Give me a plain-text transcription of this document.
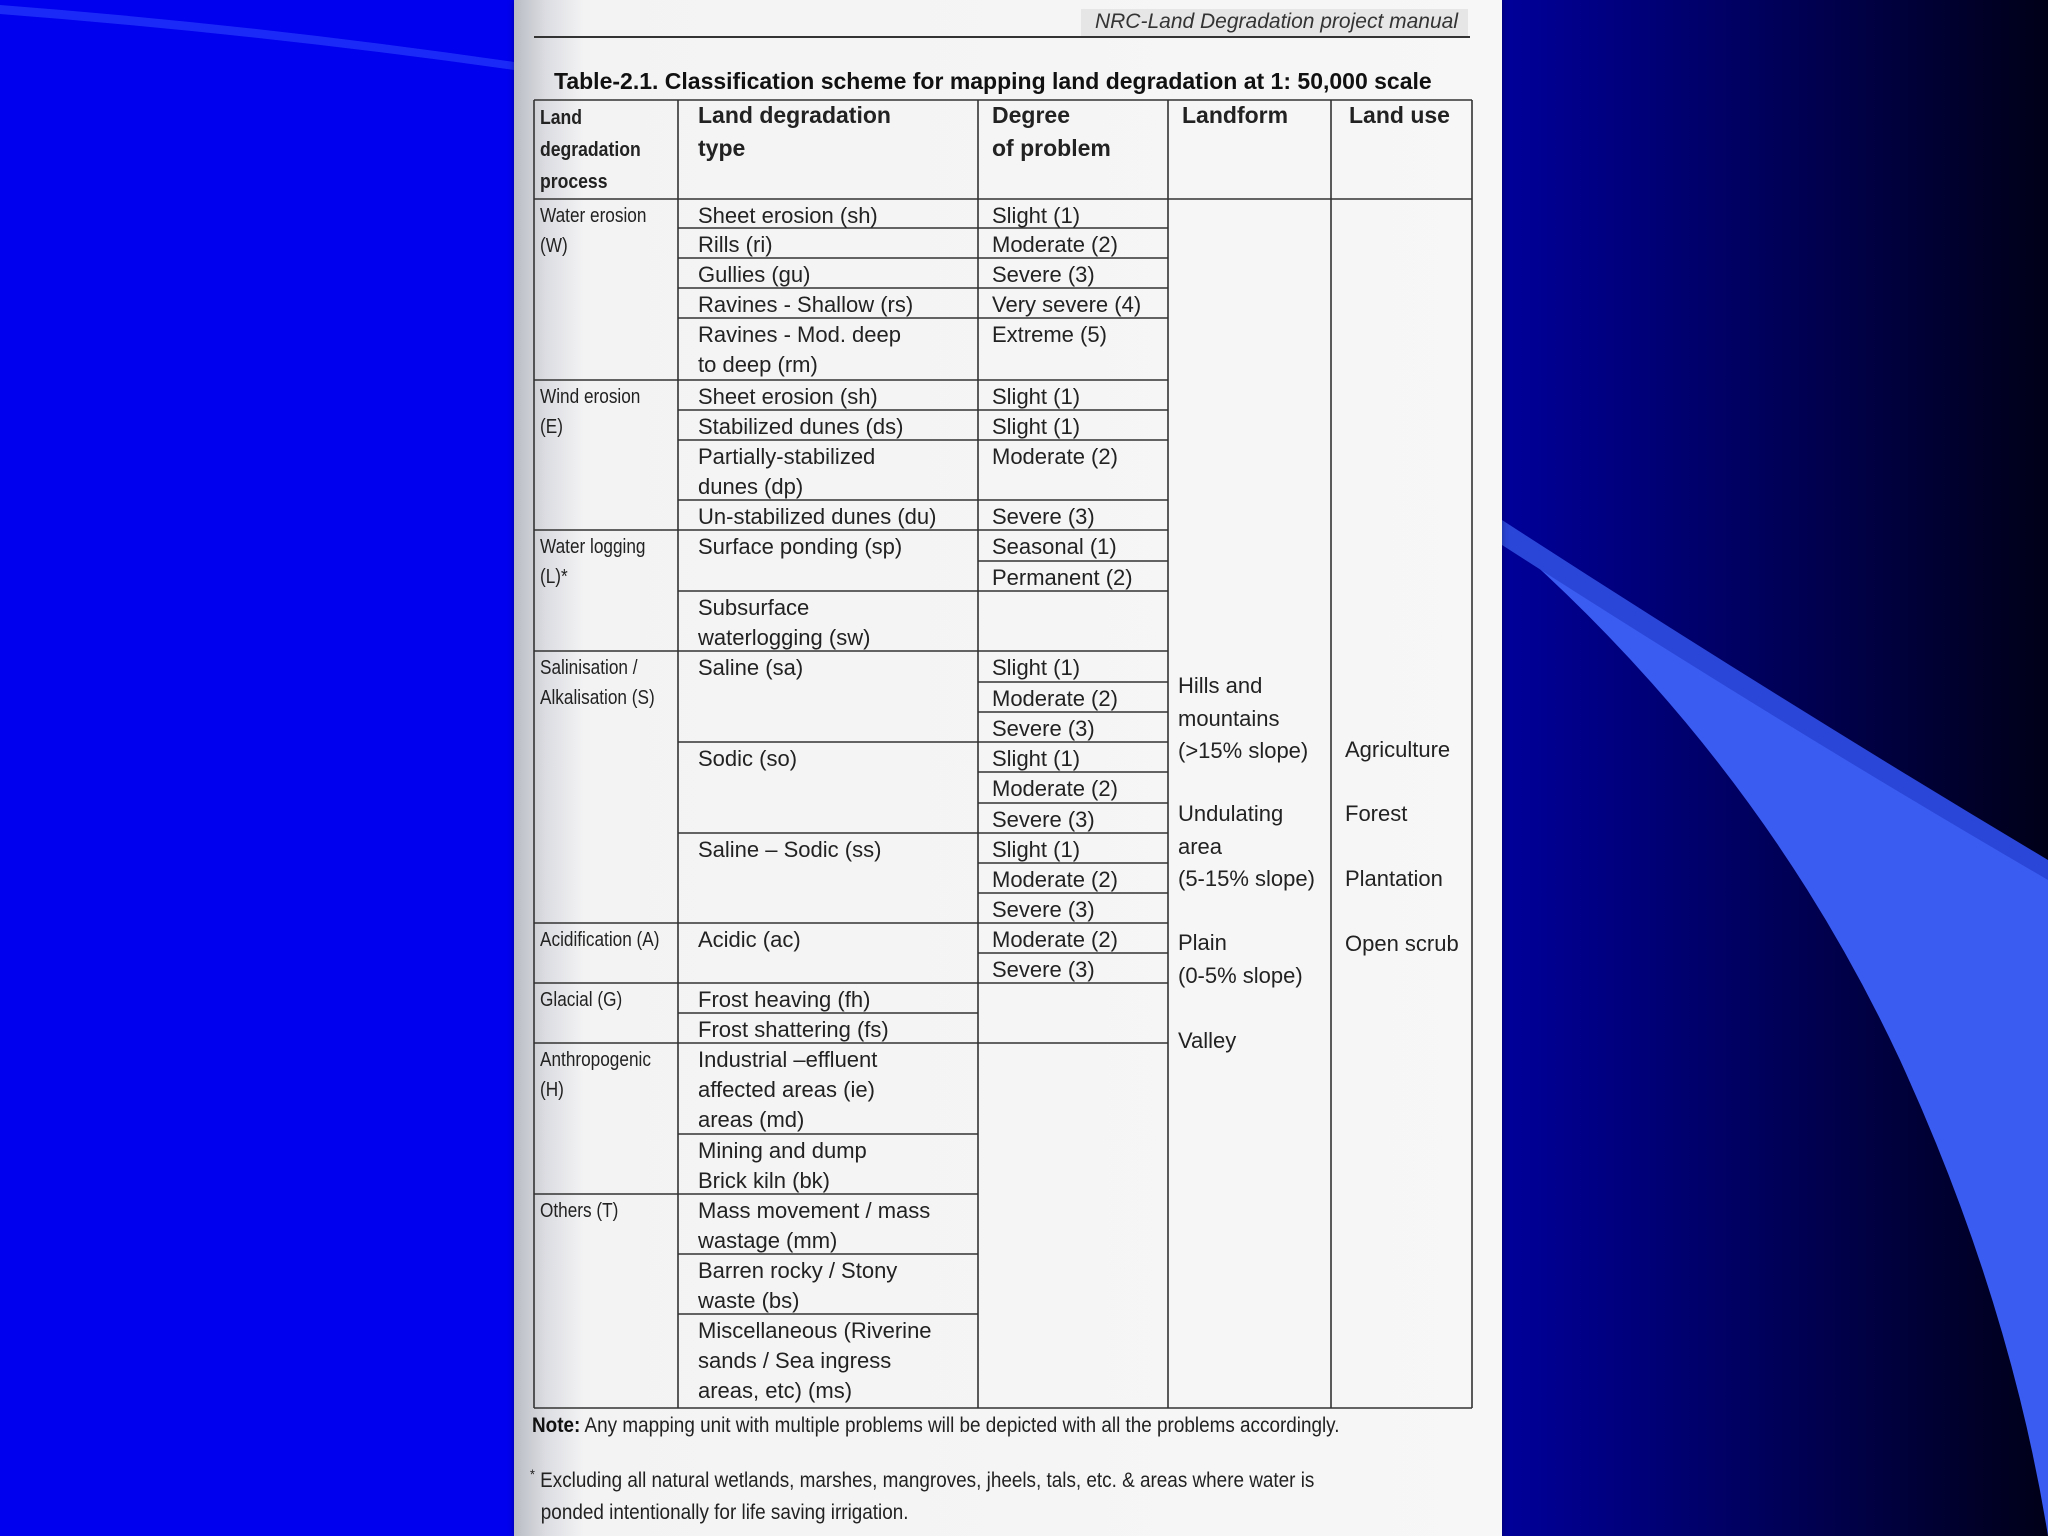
NRC-Land Degradation project manual
Table-2.1. Classification scheme for mapping land degradation at 1: 50,000 scale
Land
degradation
process
Land degradation
type
Degree
of problem
Landform	Land use
Water erosion
(W)
Wind erosion
(E)
Water logging
(L)*
Salinisation /
Alkalisation (S)
Acidification (A)
Glacial (G)
Anthropogenic
(H)
Others (T)
Sheet erosion (sh)
Rills (ri)
Gullies (gu)
Ravines - Shallow (rs)
Ravines - Mod. deep
to deep (rm)
Sheet erosion (sh)
Stabilized dunes (ds)
Partially-stabilized
dunes (dp)
Un-stabilized dunes (du)
Surface ponding (sp)
Subsurface
waterlogging (sw)
Saline (sa)
Sodic (so)
Saline – Sodic (ss)
Acidic (ac)
Frost heaving (fh)
Frost shattering (fs)
Industrial –effluent
affected areas (ie)
areas (md)
Mining and dump
Brick kiln (bk)
Mass movement / mass
wastage (mm)
Barren rocky / Stony
waste (bs)
Miscellaneous (Riverine
sands / Sea ingress
areas, etc) (ms)
Slight (1)
Moderate (2)
Severe (3)
Very severe (4)
Extreme (5)
Slight (1)
Slight (1)
Moderate (2)
Severe (3)
Seasonal (1)
Permanent (2)
Slight (1)
Moderate (2)
Severe (3)
Slight (1)
Moderate (2)
Severe (3)
Slight (1)
Moderate (2)
Severe (3)
Moderate (2)
Severe (3)
Hills and
mountains
(>15% slope)
Undulating
area
(5-15% slope)
Plain
(0-5% slope)
Valley
Agriculture
Forest
Plantation
Open scrub
Note: Any mapping unit with multiple problems will be depicted with all the problems accordingly.
* Excluding all natural wetlands, marshes, mangroves, jheels, tals, etc. & areas where water is
ponded intentionally for life saving irrigation.
